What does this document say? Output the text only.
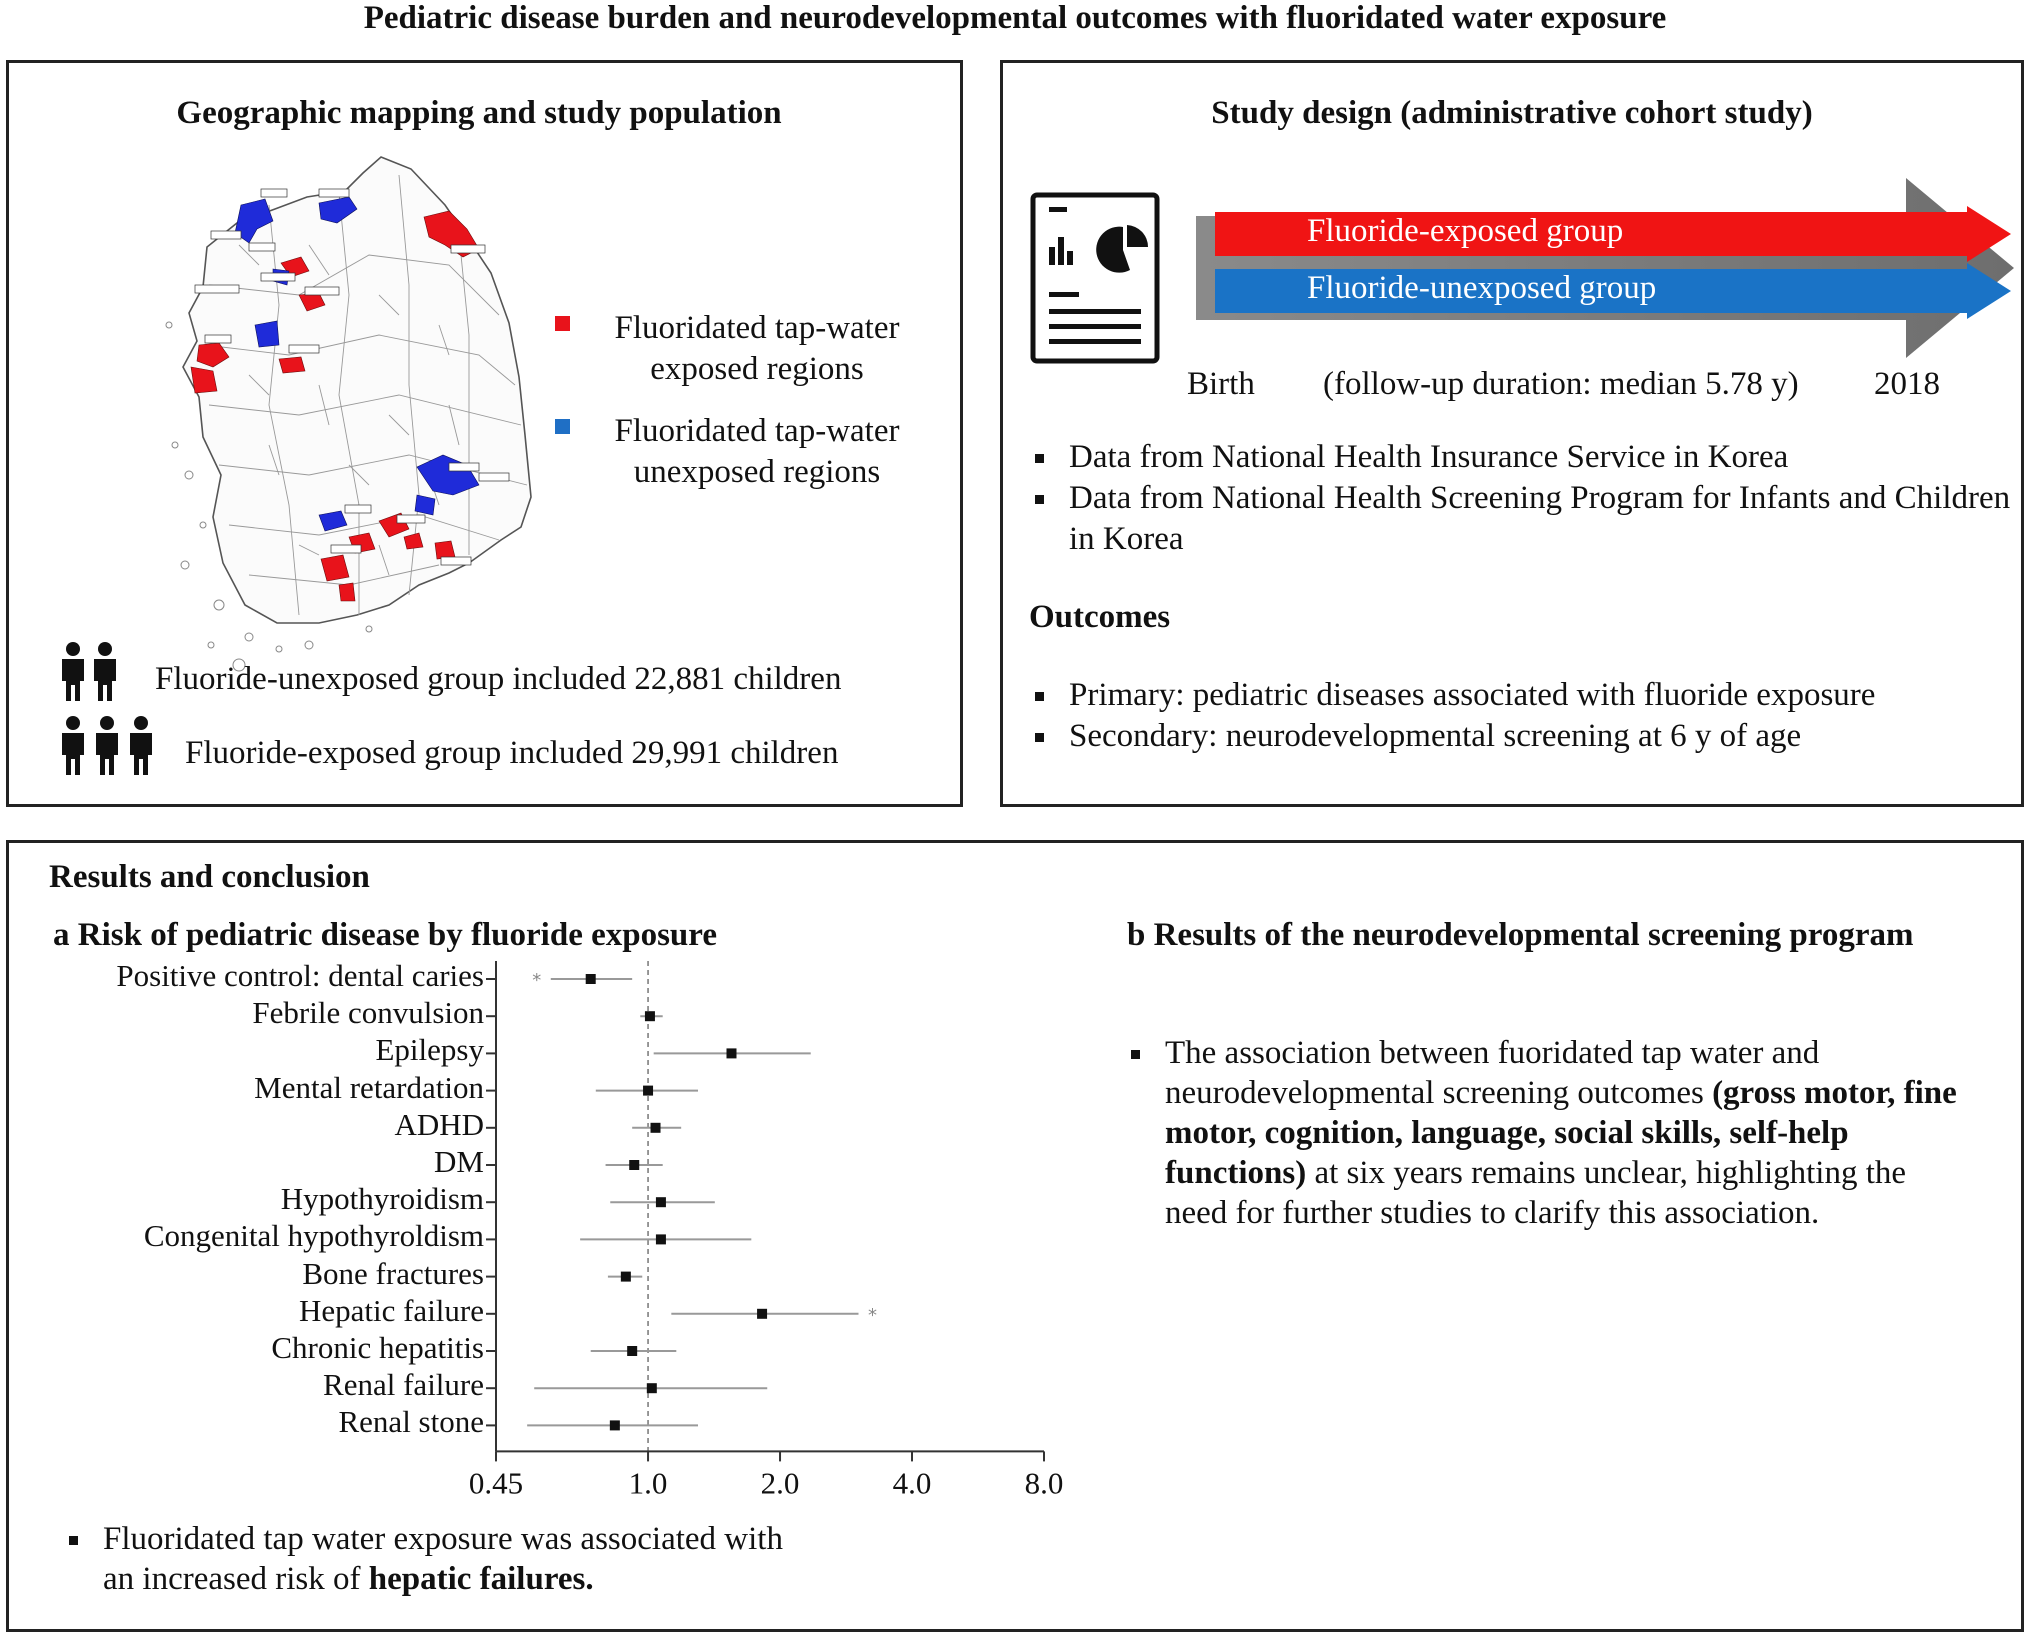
Pediatric disease burden and neurodevelopmental outcomes with fluoridated water exposure
Geographic mapping and study population
Fluoridated tap-water
exposed regions
Fluoridated tap-water
unexposed regions
Fluoride-unexposed group included 22,881 children
Fluoride-exposed group included 29,991 children
Study design (administrative cohort study)
Fluoride-exposed group
Fluoride-unexposed group
Birth (follow-up duration: median 5.78 y) 2018
Data from National Health Insurance Service in Korea
Data from National Health Screening Program for Infants and Children in Korea
Outcomes
Primary: pediatric diseases associated with fluoride exposure
Secondary: neurodevelopmental screening at 6 y of age
Results and conclusion
a Risk of pediatric disease by fluoride exposure	b Results of the neurodevelopmental screening program
Positive control: dental caries
Febrile convulsion
Epilepsy
Mental retardation
ADHD
DM
Hypothyroidism
Congenital hypothyroldism
Bone fractures
Hepatic failure
Chronic hepatitis
Renal failure
Renal stone
0.45	1.0	2.0	4.0	8.0
*
*
Fluoridated tap water exposure was associated with an increased risk of hepatic failures.
The association between fuoridated tap water and neurodevelopmental screening outcomes (gross motor, fine motor, cognition, language, social skills, self-help functions) at six years remains unclear, highlighting the need for further studies to clarify this association.
